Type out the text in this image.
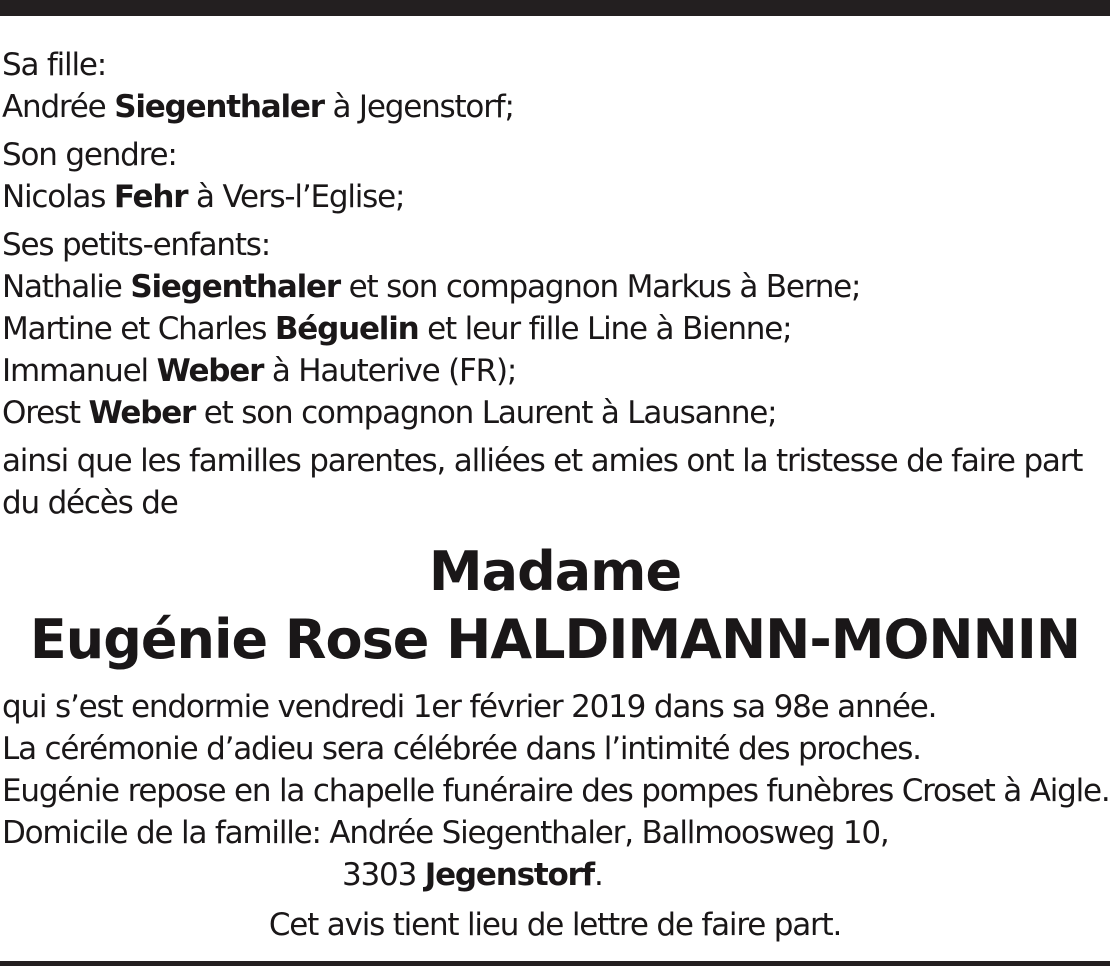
Sa fille:
Andrée Siegenthaler à Jegenstorf;
Son gendre:
Nicolas Fehr à Vers-l’Eglise;
Ses petits-enfants:
Nathalie Siegenthaler et son compagnon Markus à Berne;
Martine et Charles Béguelin et leur fille Line à Bienne;
Immanuel Weber à Hauterive (FR);
Orest Weber et son compagnon Laurent à Lausanne;
ainsi que les familles parentes, alliées et amies ont la tristesse de faire part
du décès de
Madame
Eugénie Rose HALDIMANN-MONNIN
qui s’est endormie vendredi 1er février 2019 dans sa 98e année.
La cérémonie d’adieu sera célébrée dans l’intimité des proches.
Eugénie repose en la chapelle funéraire des pompes funèbres Croset à Aigle.
Domicile de la famille: Andrée Siegenthaler, Ballmoosweg 10,
3303 Jegenstorf.
Cet avis tient lieu de lettre de faire part.
